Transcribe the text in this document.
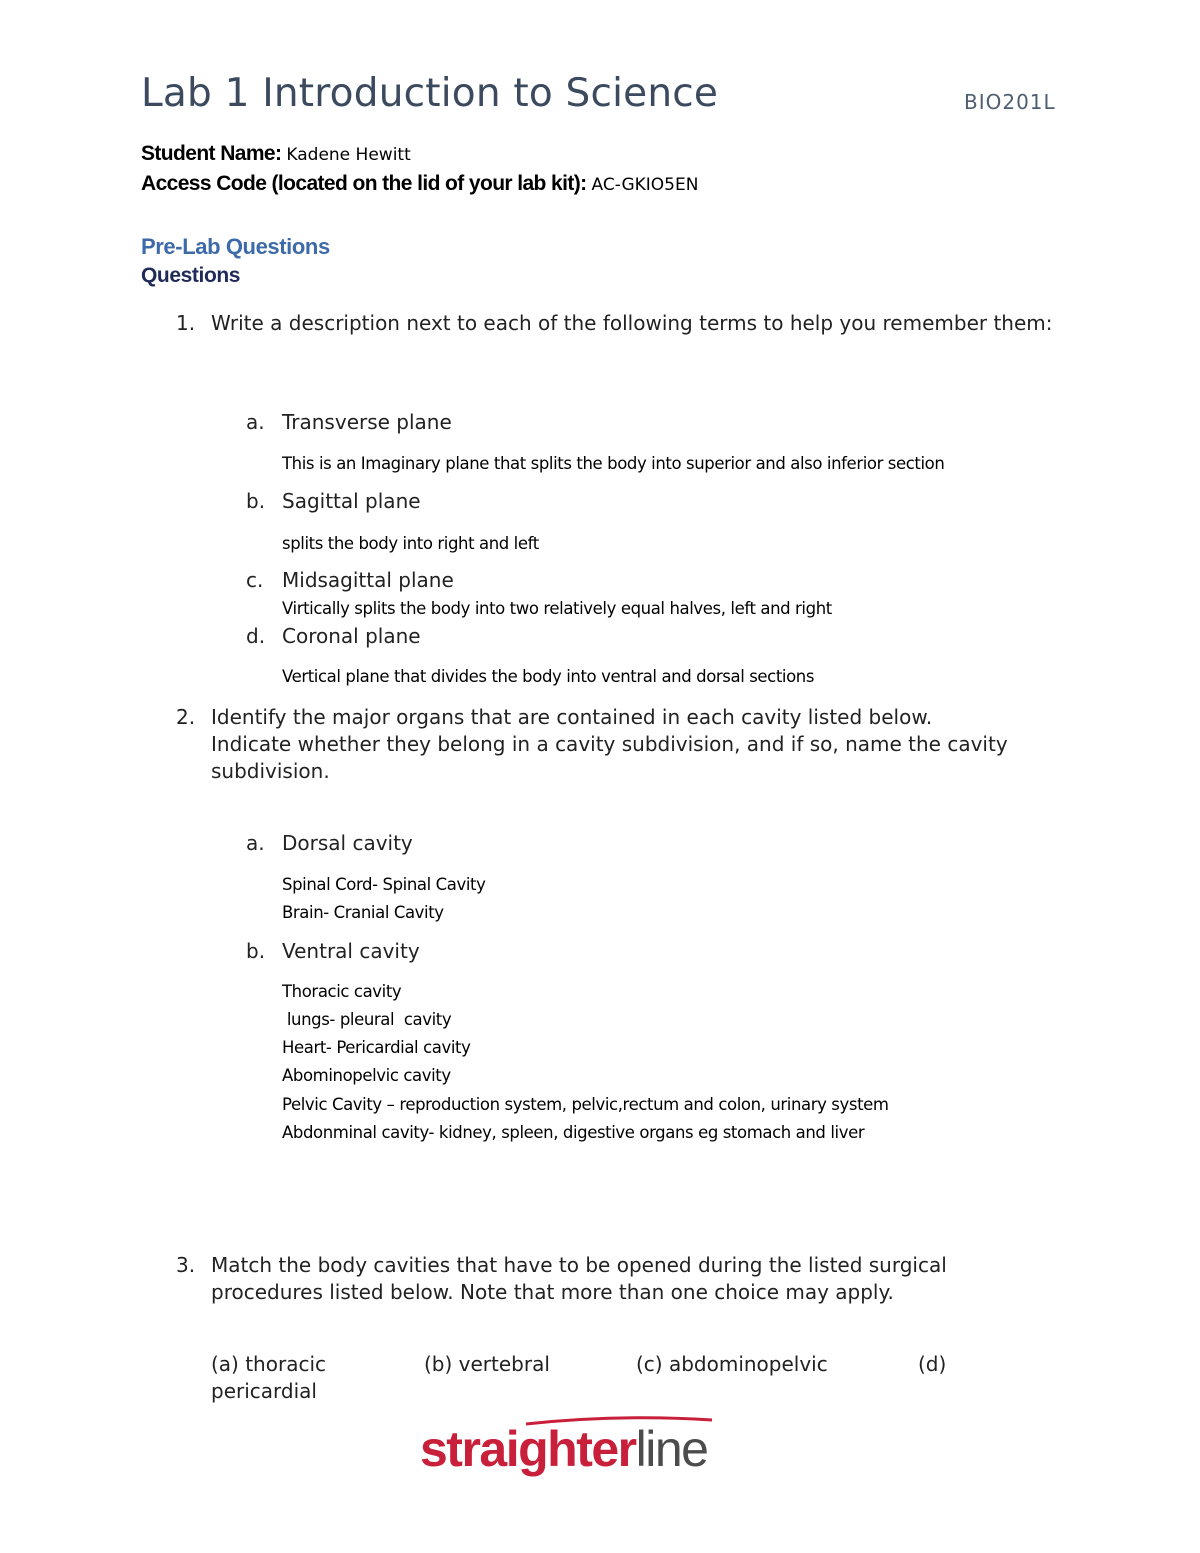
Lab 1 Introduction to Science	BIO201L
Student Name: Kadene Hewitt
Access Code (located on the lid of your lab kit): AC-GKIO5EN
Pre-Lab Questions
Questions
1. Write a description next to each of the following terms to help you remember them:
a. Transverse plane
This is an Imaginary plane that splits the body into superior and also inferior section
b. Sagittal plane
splits the body into right and left
c. Midsagittal plane
Virtically splits the body into two relatively equal halves, left and right
d. Coronal plane
Vertical plane that divides the body into ventral and dorsal sections
2. Identify the major organs that are contained in each cavity listed below. Indicate whether they belong in a cavity subdivision, and if so, name the cavity subdivision.
a. Dorsal cavity
Spinal Cord- Spinal Cavity
Brain- Cranial Cavity
b. Ventral cavity
Thoracic cavity
lungs- pleural  cavity
Heart- Pericardial cavity
Abominopelvic cavity
Pelvic Cavity – reproduction system, pelvic,rectum and colon, urinary system
Abdonminal cavity- kidney, spleen, digestive organs eg stomach and liver
3. Match the body cavities that have to be opened during the listed surgical procedures listed below. Note that more than one choice may apply.
(a) thoracic	(b) vertebral	(c) abdominopelvic	(d)
pericardial
straighterline
